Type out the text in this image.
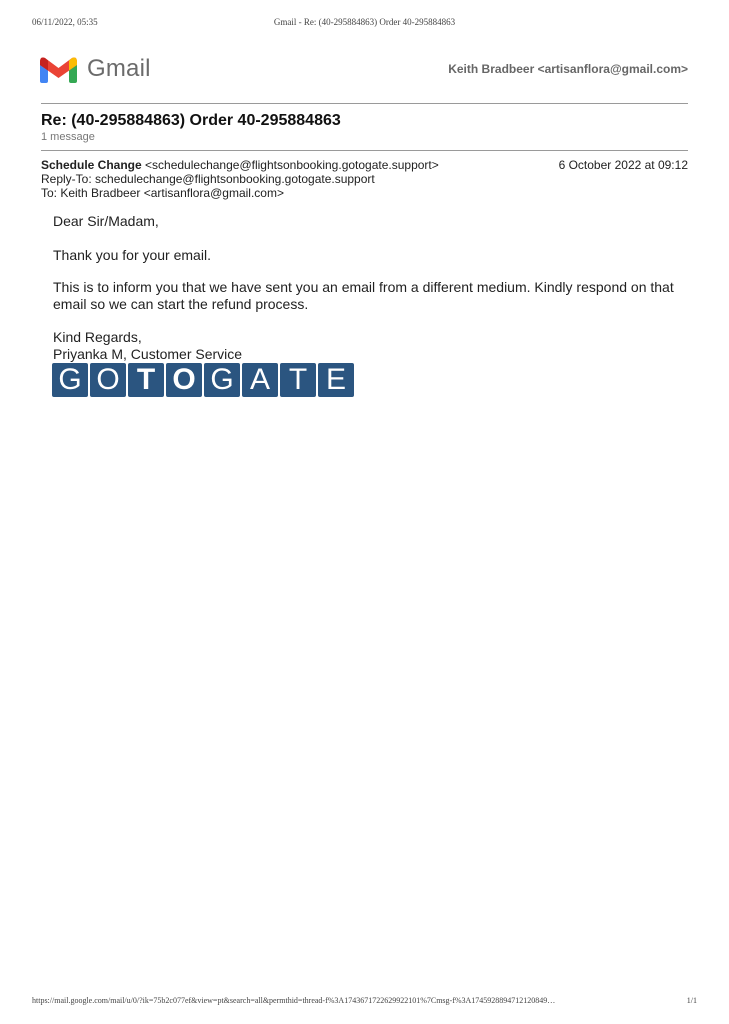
06/11/2022, 05:35	Gmail - Re: (40-295884863) Order 40-295884863
Gmail	Keith Bradbeer <artisanflora@gmail.com>
Re: (40-295884863) Order 40-295884863
1 message
Schedule Change <schedulechange@flightsonbooking.gotogate.support>	6 October 2022 at 09:12
Reply-To: schedulechange@flightsonbooking.gotogate.support
To: Keith Bradbeer <artisanflora@gmail.com>

Dear Sir/Madam,

Thank you for your email.

This is to inform you that we have sent you an email from a different medium. Kindly respond on that email so we can start the refund process.

Kind Regards,

Priyanka M, Customer Service

G O T O G A T E
https://mail.google.com/mail/u/0/?ik=75b2c077ef&view=pt&search=all&permthid=thread-f%3A1743671722629922101%7Cmsg-f%3A1745928894712120849…	1/1
